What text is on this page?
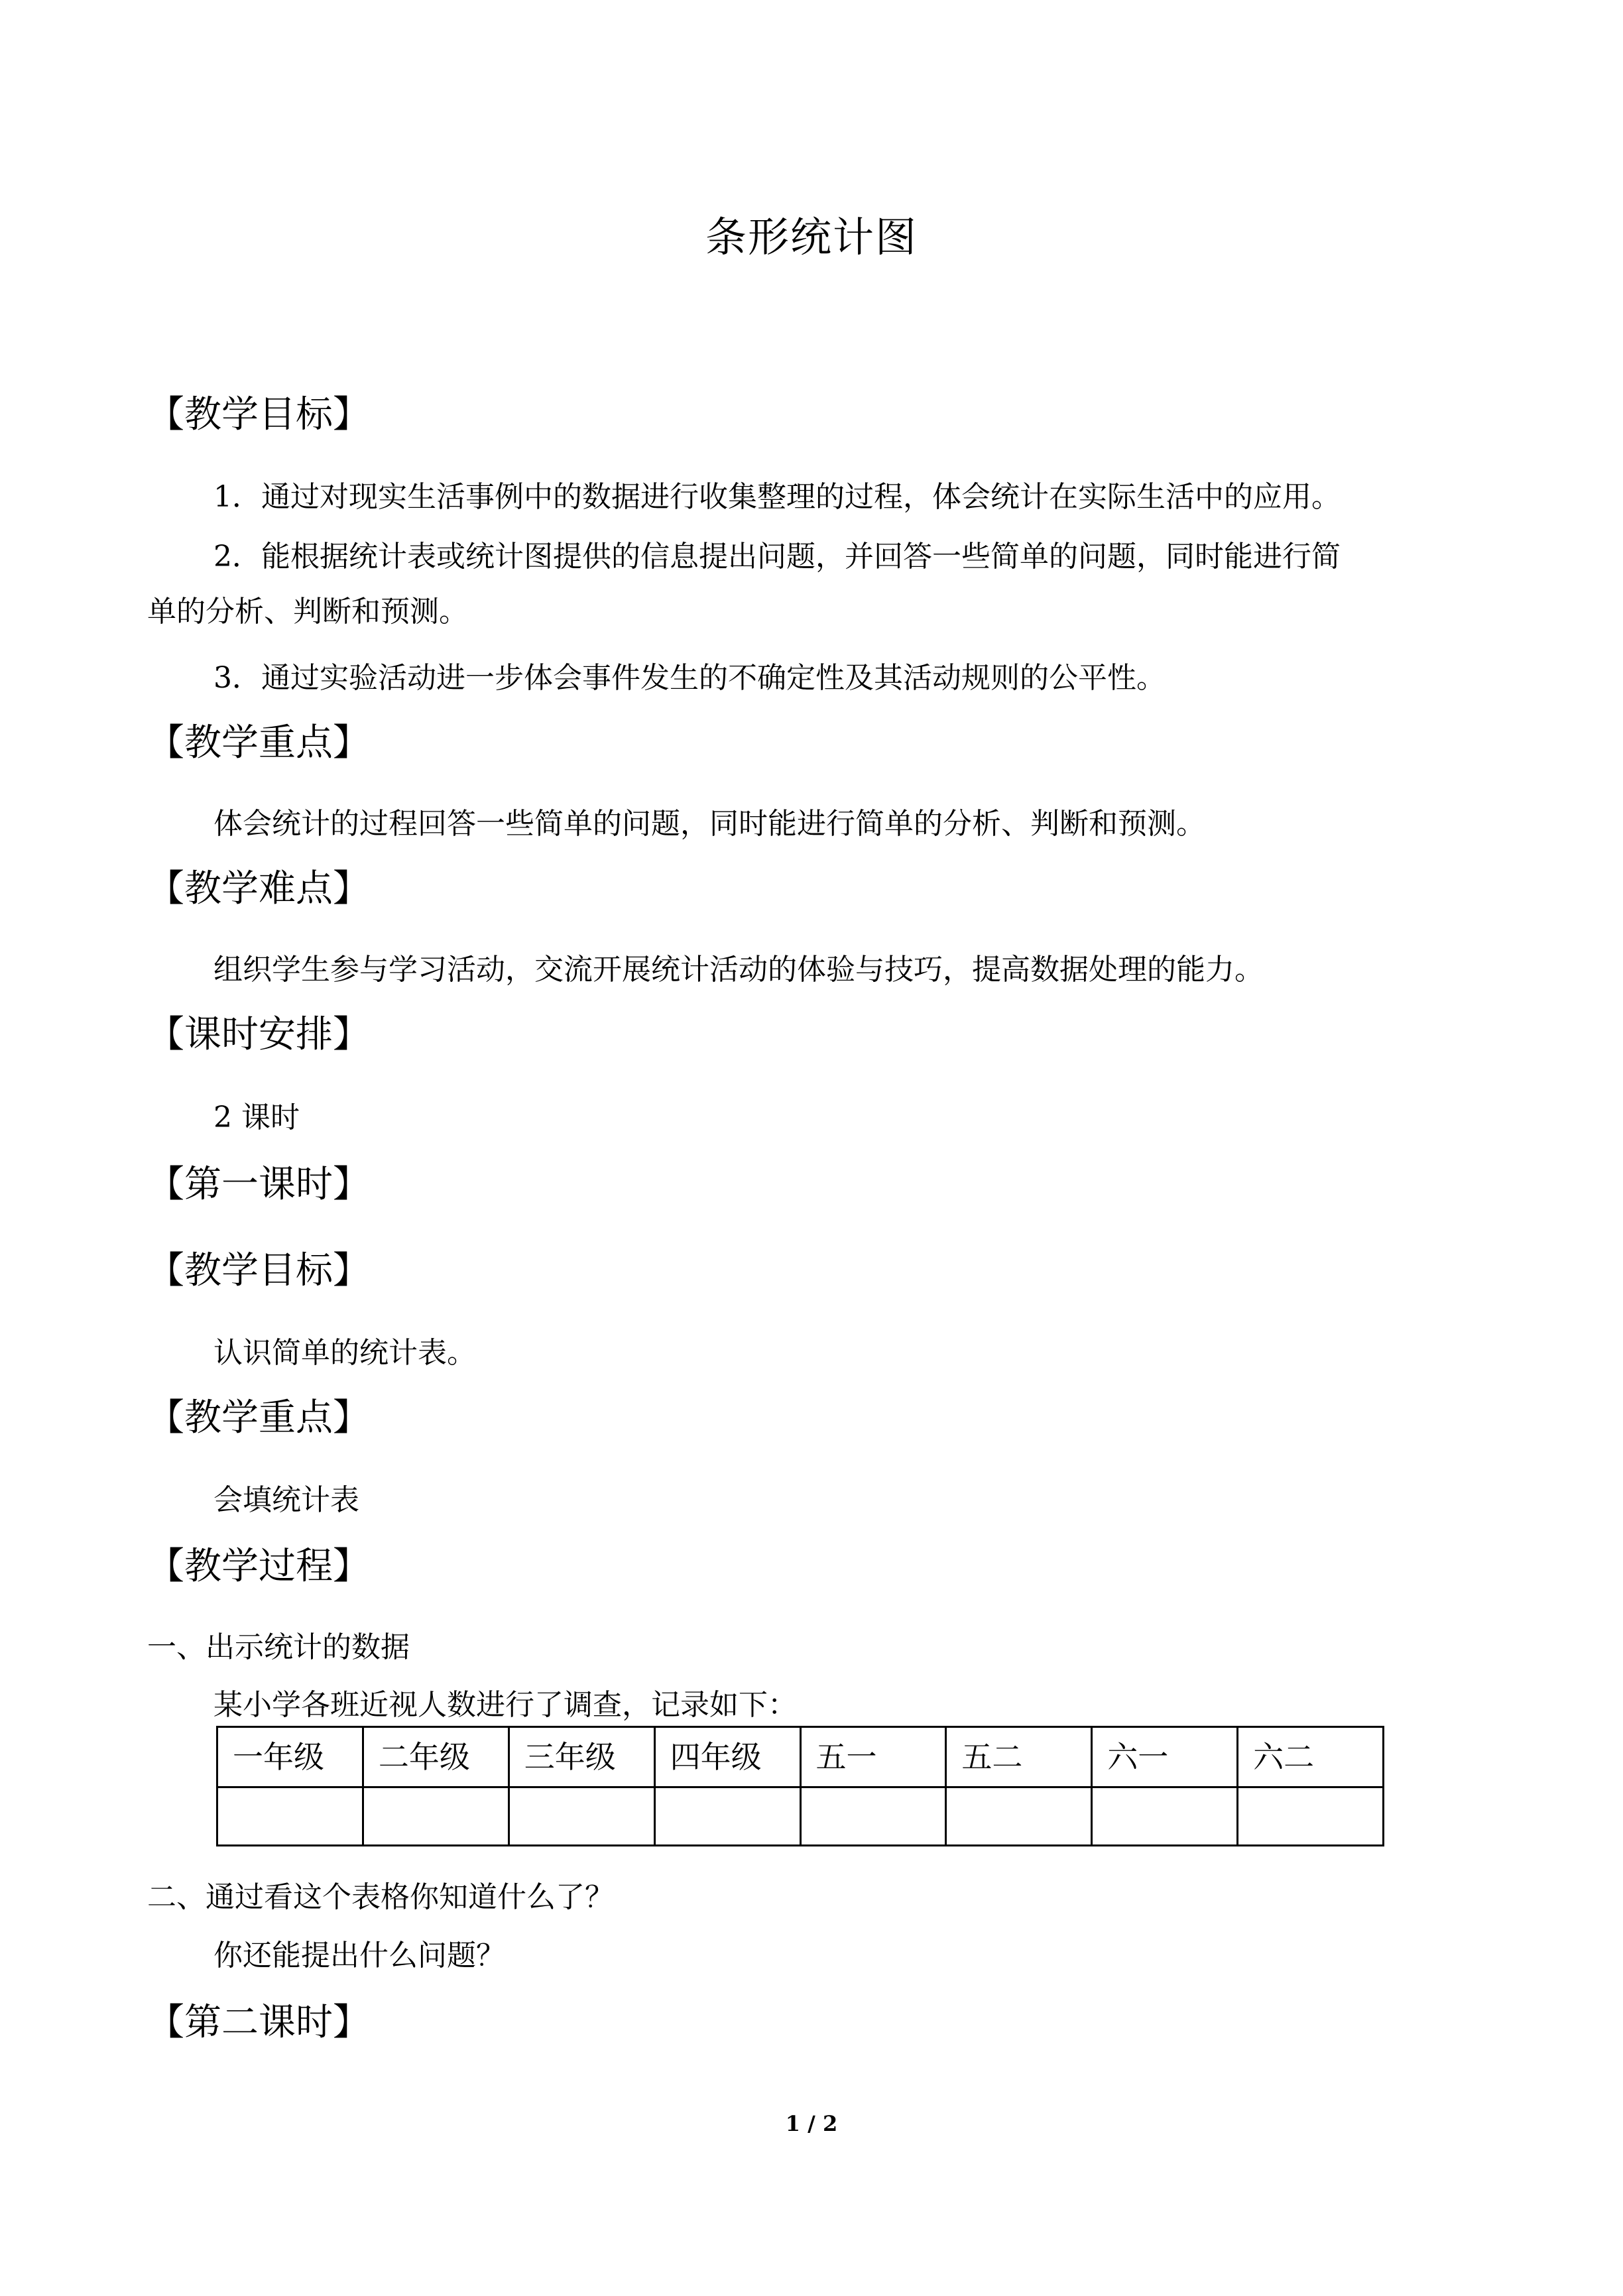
条形统计图
【教学目标】
1．通过对现实生活事例中的数据进行收集整理的过程，体会统计在实际生活中的应用。
2．能根据统计表或统计图提供的信息提出问题，并回答一些简单的问题，同时能进行简
单的分析、判断和预测。
3．通过实验活动进一步体会事件发生的不确定性及其活动规则的公平性。
【教学重点】
体会统计的过程回答一些简单的问题，同时能进行简单的分析、判断和预测。
【教学难点】
组织学生参与学习活动，交流开展统计活动的体验与技巧，提高数据处理的能力。
【课时安排】
2 课时
【第一课时】
【教学目标】
认识简单的统计表。
【教学重点】
会填统计表
【教学过程】
一、出示统计的数据
某小学各班近视人数进行了调查，记录如下：
一年级	二年级	三年级	四年级	五一	五二	六一	六二

二、通过看这个表格你知道什么了？
你还能提出什么问题？
【第二课时】
1 / 2
